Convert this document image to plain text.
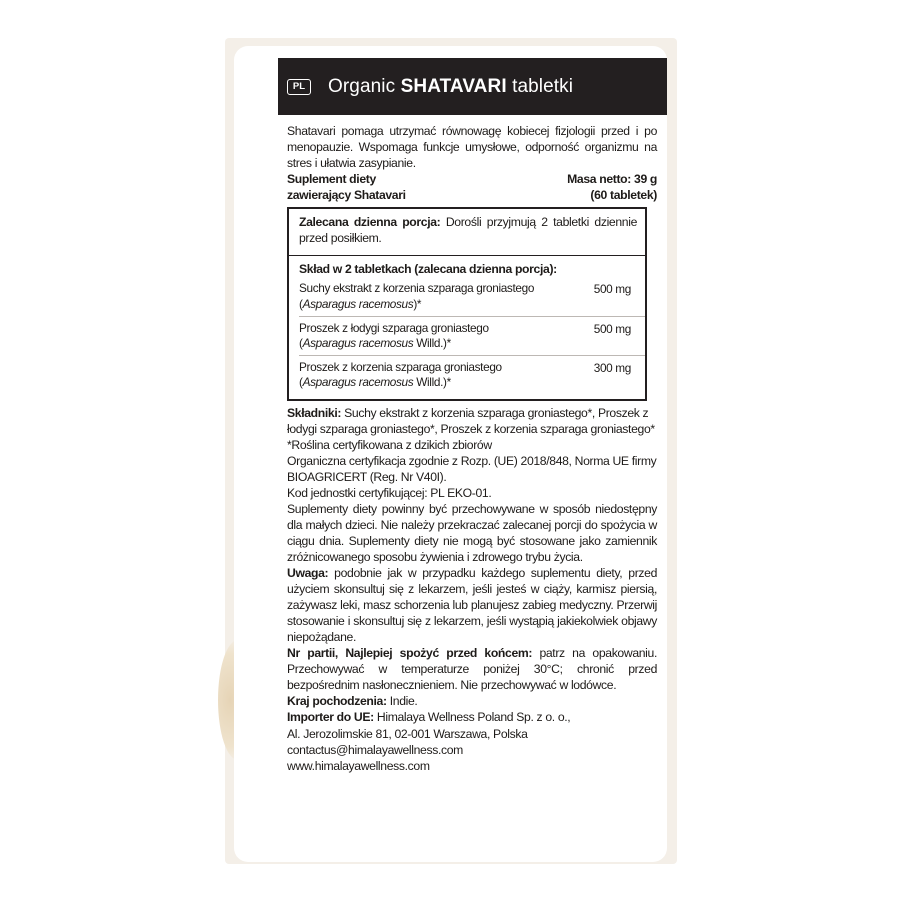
PL	Organic SHATAVARI tabletki
Shatavari pomaga utrzymać równowagę kobiecej fizjologii przed i po menopauzie. Wspomaga funkcje umysłowe, odporność organizmu na stres i ułatwia zasypianie.
Suplement diety	Masa netto: 39 g
zawierający Shatavari	(60 tabletek)
Zalecana dzienna porcja: Dorośli przyjmują 2 tabletki dziennie przed posiłkiem.
Skład w 2 tabletkach (zalecana dzienna porcja):
Suchy ekstrakt z korzenia szparaga groniastego
(Asparagus racemosus)*
500 mg
Proszek z łodygi szparaga groniastego
(Asparagus racemosus Willd.)*
500 mg
Proszek z korzenia szparaga groniastego
(Asparagus racemosus Willd.)*
300 mg
Składniki: Suchy ekstrakt z korzenia szparaga groniastego*, Proszek z łodygi szparaga groniastego*, Proszek z korzenia szparaga groniastego*
*Roślina certyfikowana z dzikich zbiorów
Organiczna certyfikacja zgodnie z Rozp. (UE) 2018/848, Norma UE firmy BIOAGRICERT (Reg. Nr V40I).
Kod jednostki certyfikującej: PL EKO-01.
Suplementy diety powinny być przechowywane w sposób niedostępny dla małych dzieci. Nie należy przekraczać zalecanej porcji do spożycia w ciągu dnia. Suplementy diety nie mogą być stosowane jako zamiennik zróżnicowanego sposobu żywienia i zdrowego trybu życia.
Uwaga: podobnie jak w przypadku każdego suplementu diety, przed użyciem skonsultuj się z lekarzem, jeśli jesteś w ciąży, karmisz piersią, zażywasz leki, masz schorzenia lub planujesz zabieg medyczny. Przerwij stosowanie i skonsultuj się z lekarzem, jeśli wystąpią jakiekolwiek objawy niepożądane.
Nr partii, Najlepiej spożyć przed końcem: patrz na opakowaniu. Przechowywać w temperaturze poniżej 30°C; chronić przed bezpośrednim nasłonecznieniem. Nie przechowywać w lodówce.
Kraj pochodzenia: Indie.
Importer do UE: Himalaya Wellness Poland Sp. z o. o.,
Al. Jerozolimskie 81, 02-001 Warszawa, Polska
contactus@himalayawellness.com
www.himalayawellness.com
